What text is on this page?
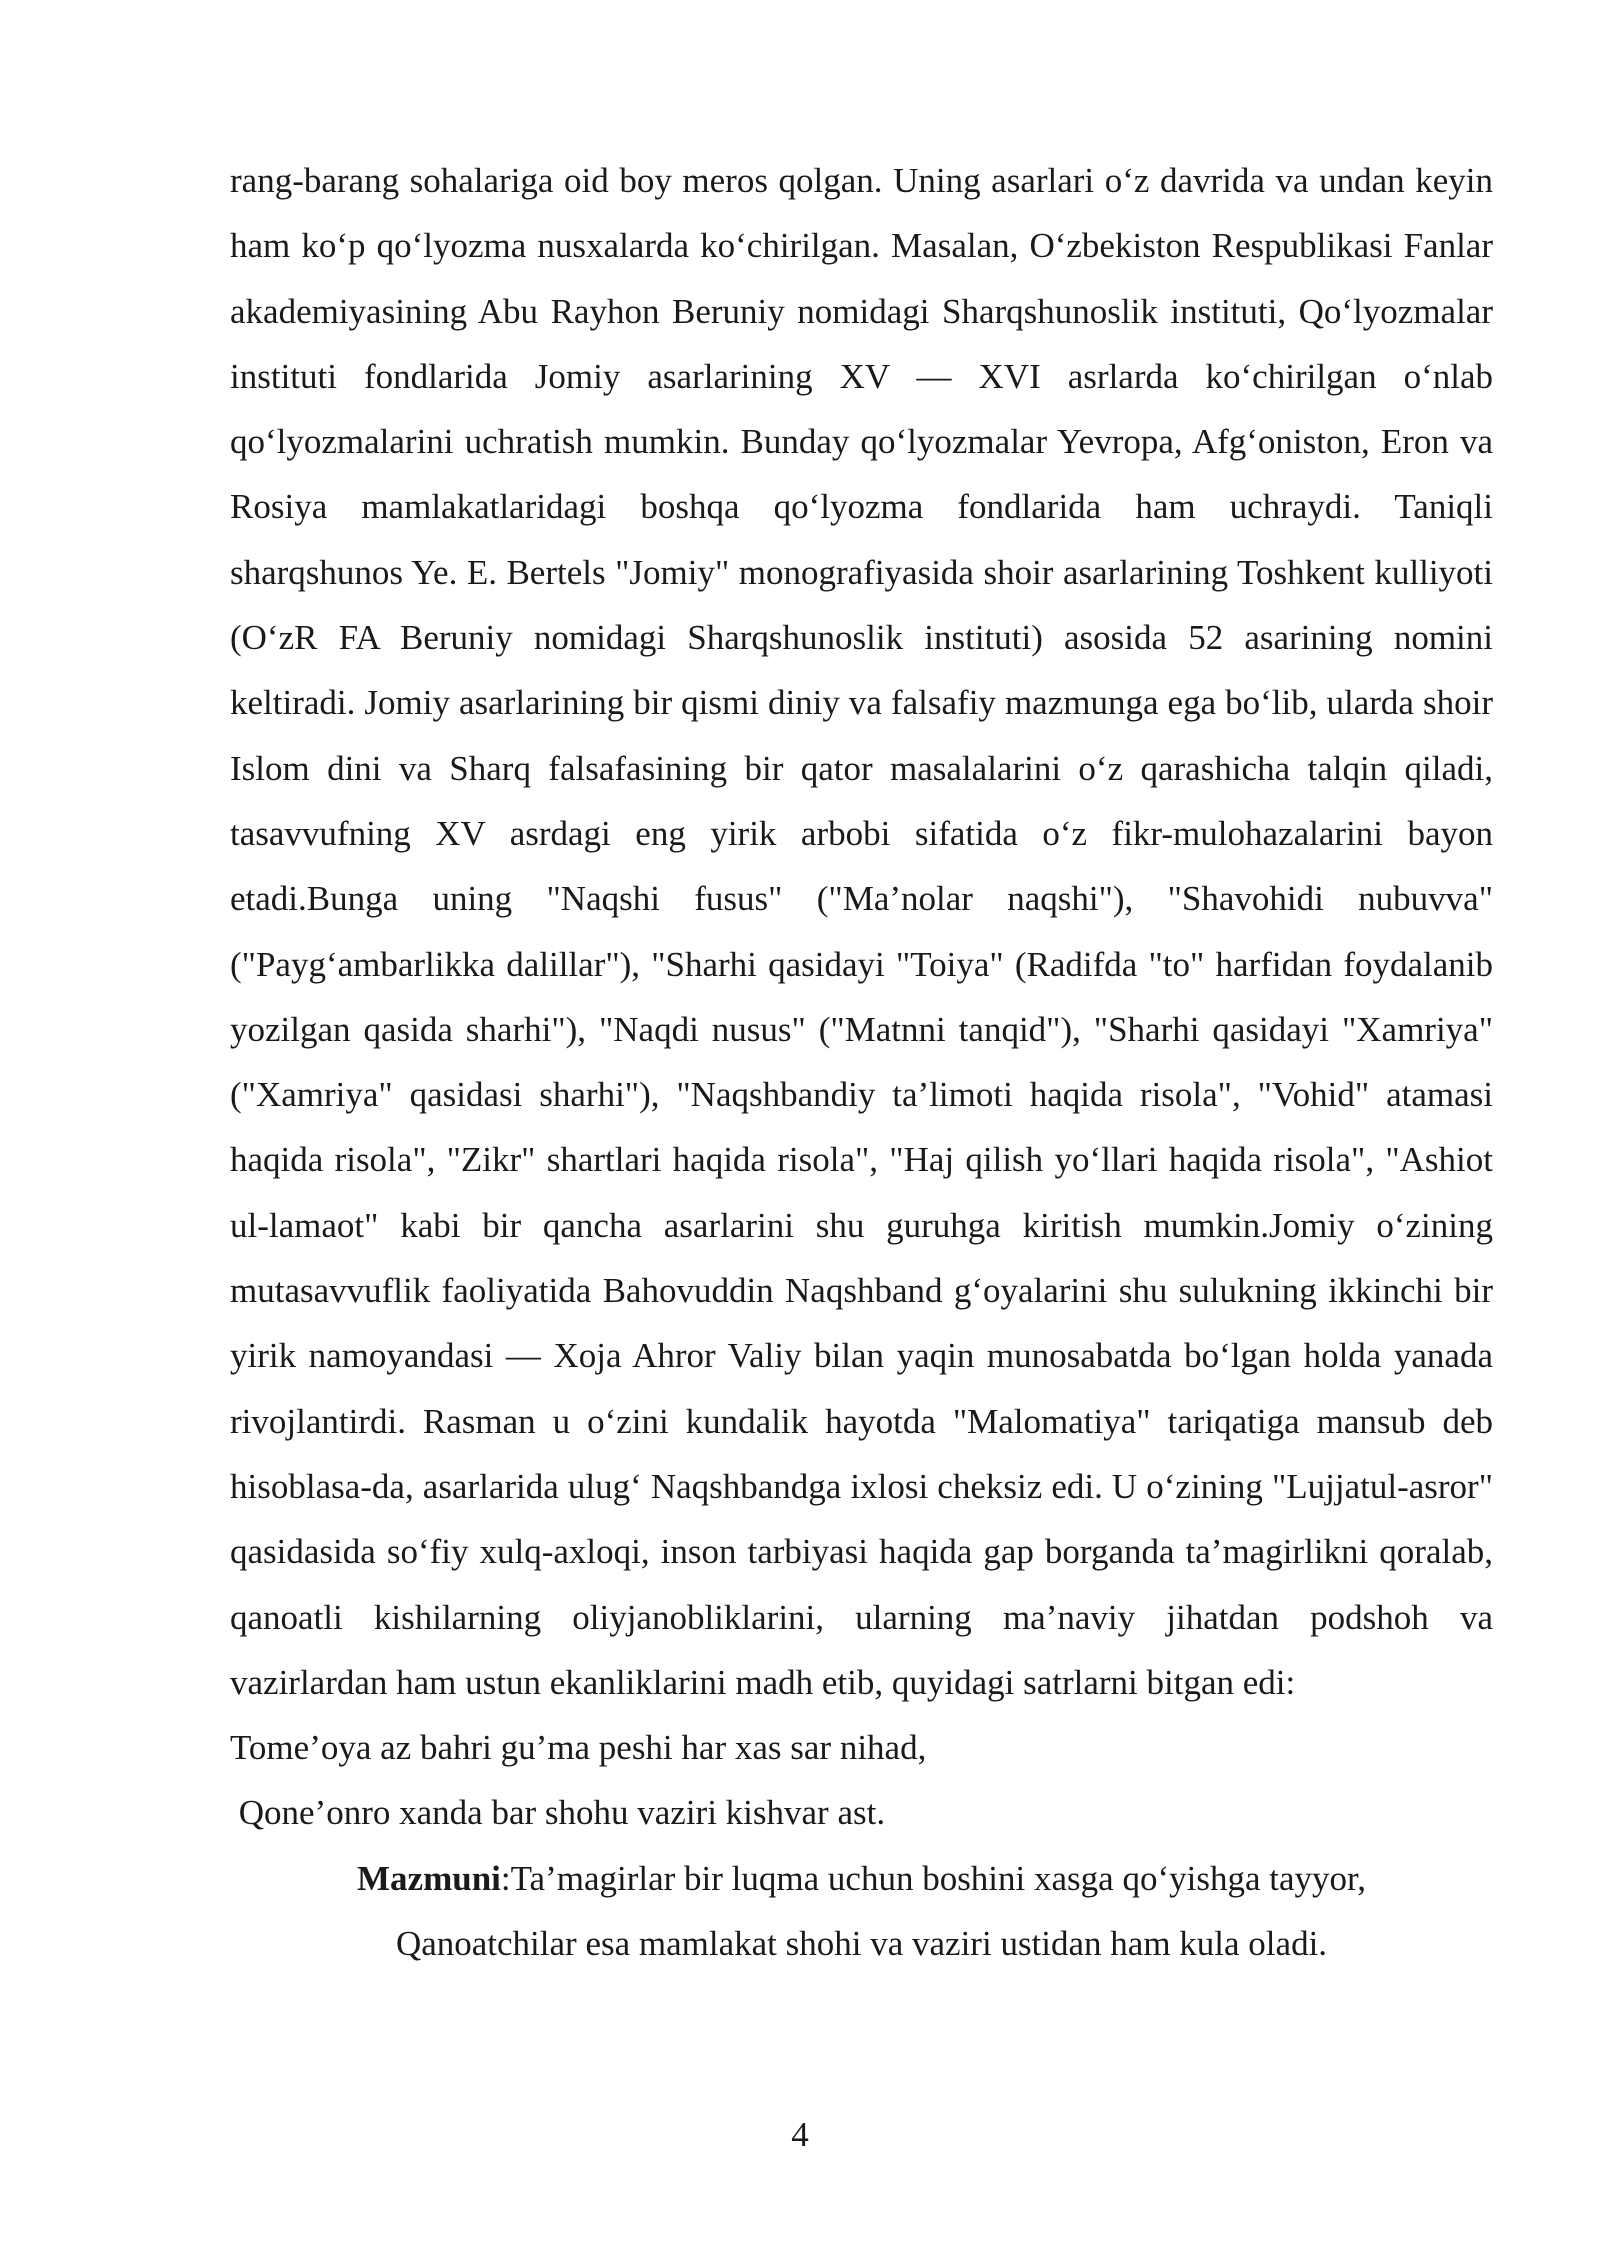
rang-barang sohalariga oid boy meros qolgan. Uning asarlari o‘z davrida va undan keyin ham ko‘p qo‘lyozma nusxalarda ko‘chirilgan. Masalan, O‘zbekiston Respublikasi Fanlar akademiyasining Abu Rayhon Beruniy nomidagi Sharqshunoslik instituti, Qo‘lyozmalar instituti fondlarida Jomiy asarlarining XV — XVI asrlarda ko‘chirilgan o‘nlab qo‘lyozmalarini uchratish mumkin. Bunday qo‘lyozmalar Yevropa, Afg‘oniston, Eron va Rosiya mamlakatlaridagi boshqa qo‘lyozma fondlarida ham uchraydi. Taniqli sharqshunos Ye. E. Bertels "Jomiy" monografiyasida shoir asarlarining Toshkent kulliyoti (O‘zR FA Beruniy nomidagi Sharqshunoslik instituti) asosida 52 asarining nomini keltiradi. Jomiy asarlarining bir qismi diniy va falsafiy mazmunga ega bo‘lib, ularda shoir Islom dini va Sharq falsafasining bir qator masalalarini o‘z qarashicha talqin qiladi, tasavvufning XV asrdagi eng yirik arbobi sifatida o‘z fikr-mulohazalarini bayon etadi.Bunga uning "Naqshi fusus" ("Ma’nolar naqshi"), "Shavohidi nubuvva" ("Payg‘ambarlikka dalillar"), "Sharhi qasidayi "Toiya" (Radifda "to" harfidan foydalanib yozilgan qasida sharhi"), "Naqdi nusus" ("Matnni tanqid"), "Sharhi qasidayi "Xamriya" ("Xamriya" qasidasi sharhi"), "Naqshbandiy ta’limoti haqida risola", "Vohid" atamasi haqida risola", "Zikr" shartlari haqida risola", "Haj qilish yo‘llari haqida risola", "Ashiot ul-lamaot" kabi bir qancha asarlarini shu guruhga kiritish mumkin.Jomiy o‘zining mutasavvuflik faoliyatida Bahovuddin Naqshband g‘oyalarini shu sulukning ikkinchi bir yirik namoyandasi — Xoja Ahror Valiy bilan yaqin munosabatda bo‘lgan holda yanada rivojlantirdi. Rasman u o‘zini kundalik hayotda "Malomatiya" tariqatiga mansub deb hisoblasa-da, asarlarida ulug‘ Naqshbandga ixlosi cheksiz edi. U o‘zining "Lujjatul-asror" qasidasida so‘fiy xulq-axloqi, inson tarbiyasi haqida gap borganda ta’magirlikni qoralab, qanoatli kishilarning oliyjanobliklarini, ularning ma’naviy jihatdan podshoh va vazirlardan ham ustun ekanliklarini madh etib, quyidagi satrlarni bitgan edi:

Tome’oya az bahri gu’ma peshi har xas sar nihad,

Qone’onro xanda bar shohu vaziri kishvar ast.

Mazmuni:Ta’magirlar bir luqma uchun boshini xasga qo‘yishga tayyor,

Qanoatchilar esa mamlakat shohi va vaziri ustidan ham kula oladi.

4
